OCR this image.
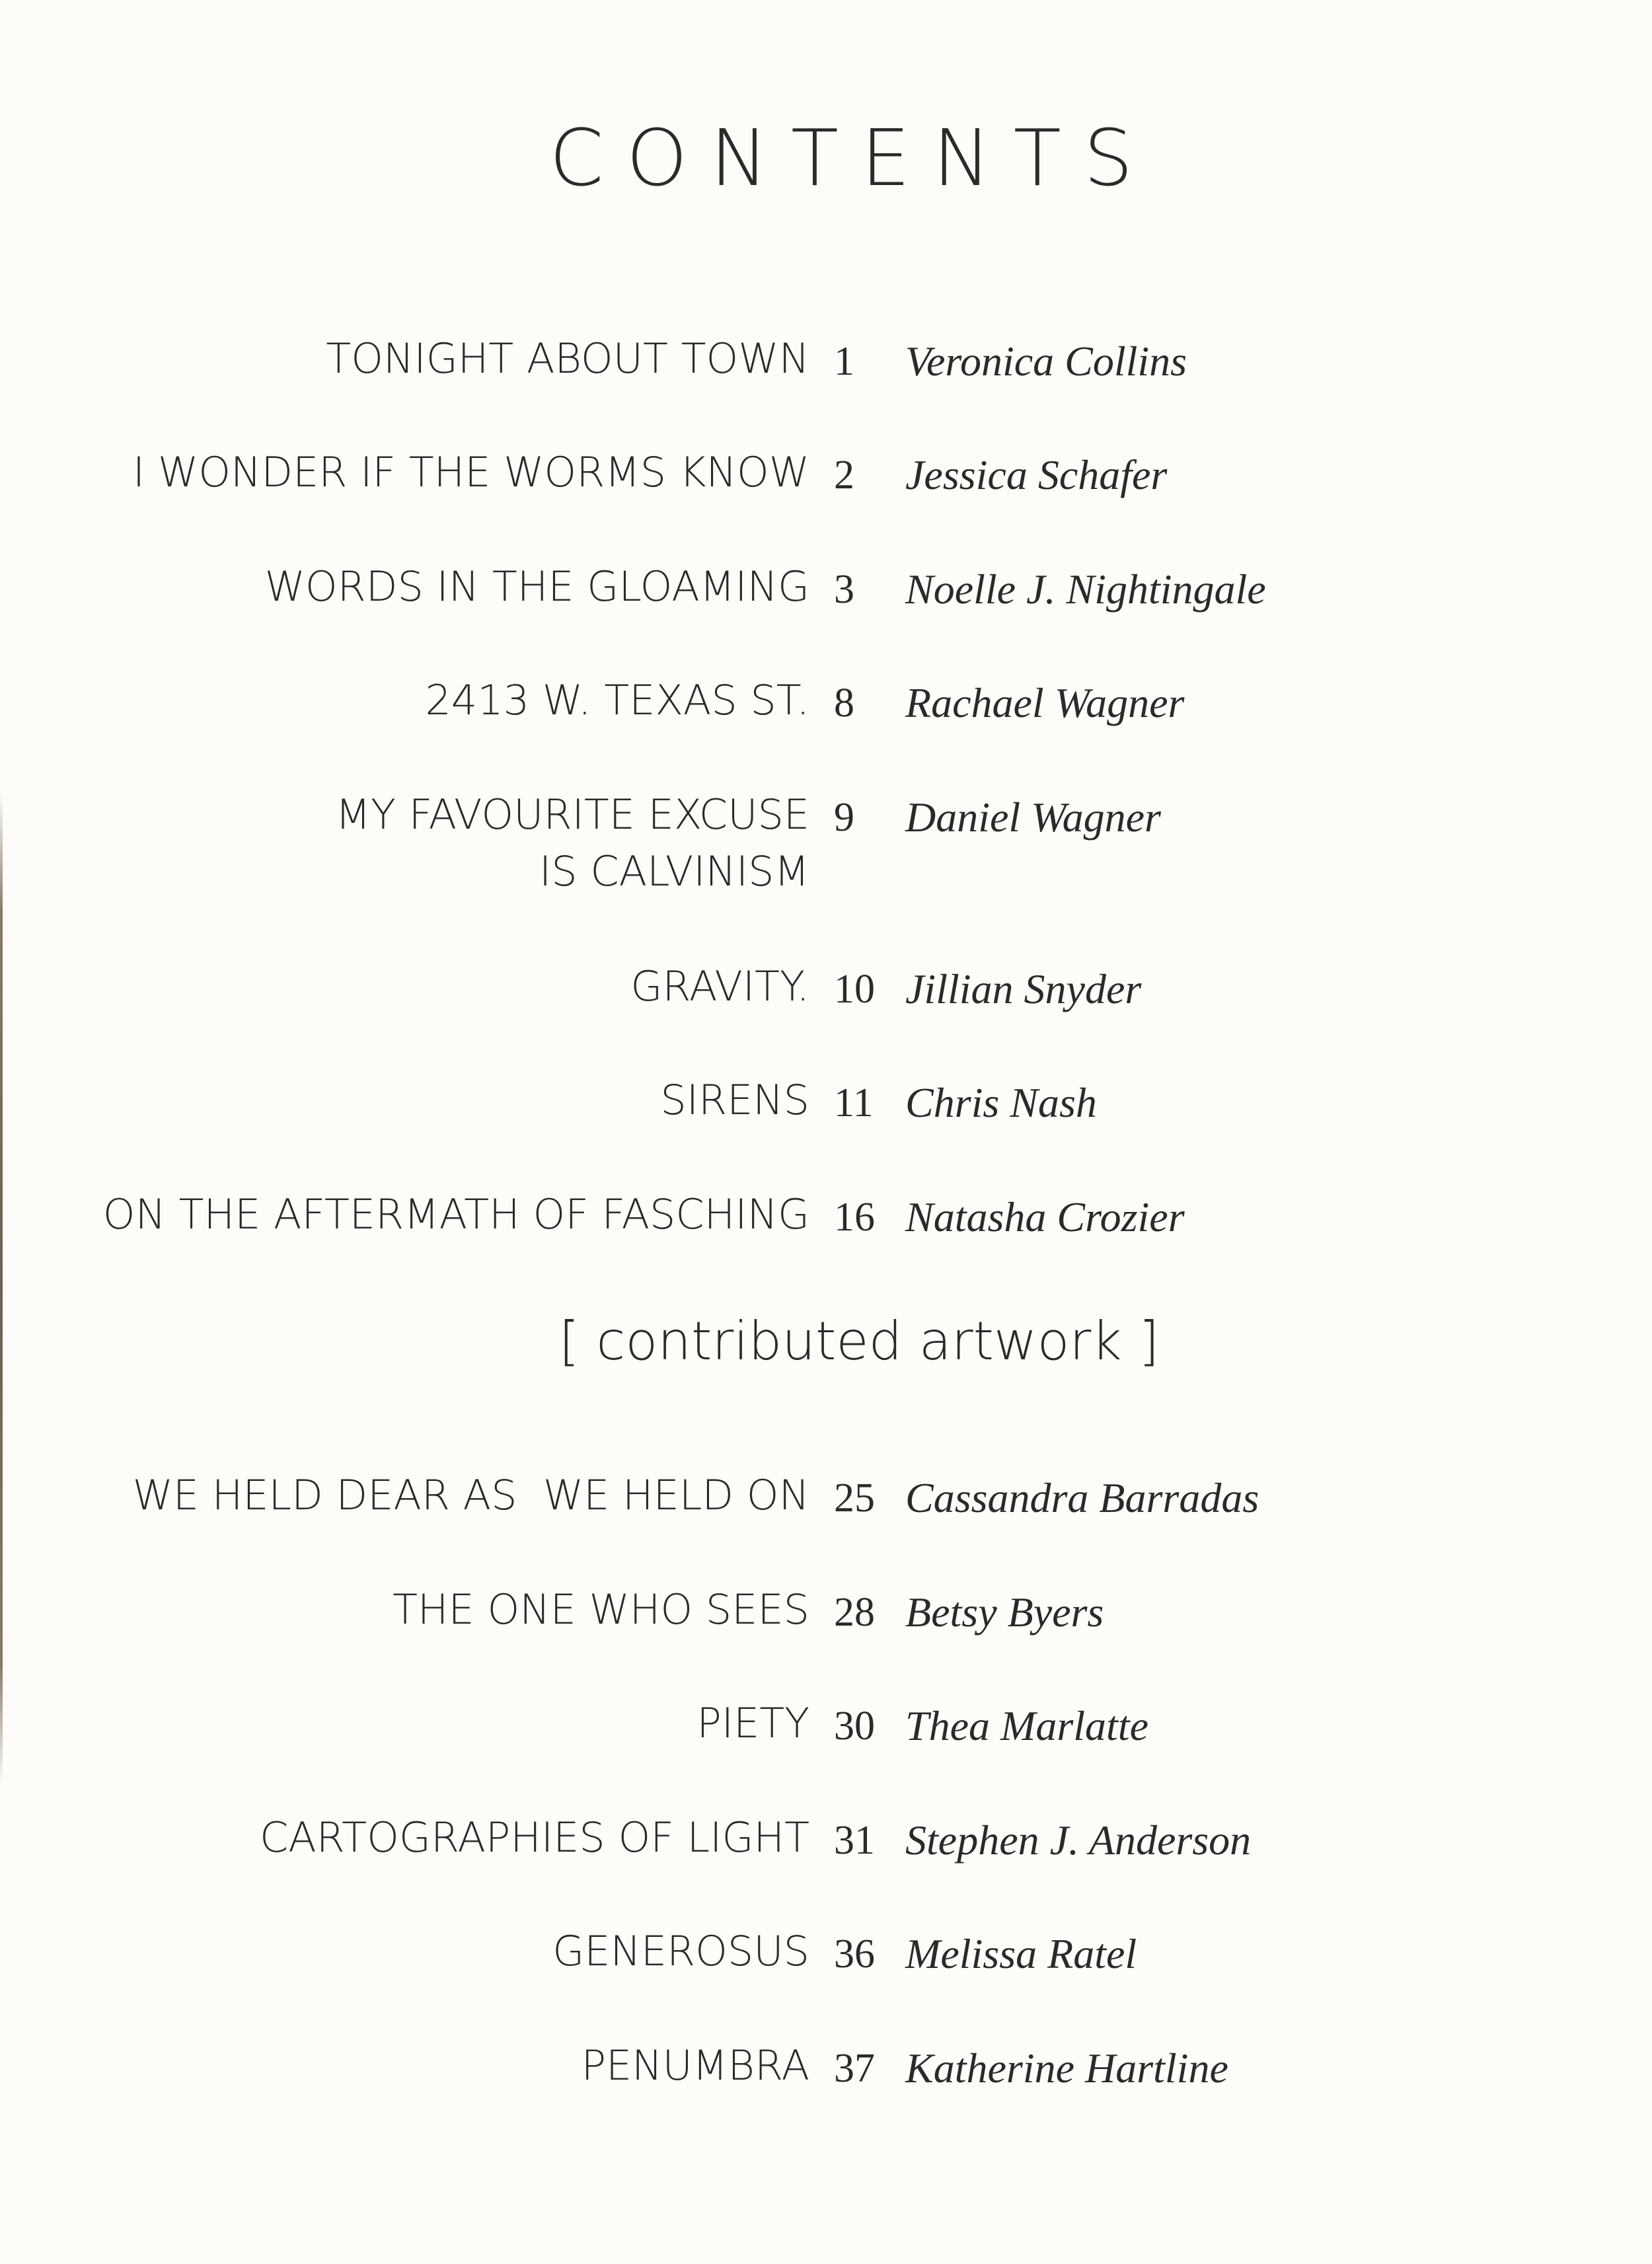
CONTENTS
TONIGHT ABOUT TOWN 1 Veronica Collins
I WONDER IF THE WORMS KNOW 2 Jessica Schafer
WORDS IN THE GLOAMING 3 Noelle J. Nightingale
2413 W. TEXAS ST. 8 Rachael Wagner
MY FAVOURITE EXCUSE
IS CALVINISM
9 Daniel Wagner
GRAVITY. 10 Jillian Snyder
SIRENS 11 Chris Nash
ON THE AFTERMATH OF FASCHING 16 Natasha Crozier
[ contributed artwork ]
WE HELD DEAR AS  WE HELD ON 25 Cassandra Barradas
THE ONE WHO SEES 28 Betsy Byers
PIETY 30 Thea Marlatte
CARTOGRAPHIES OF LIGHT 31 Stephen J. Anderson
GENEROSUS 36 Melissa Ratel
PENUMBRA 37 Katherine Hartline
